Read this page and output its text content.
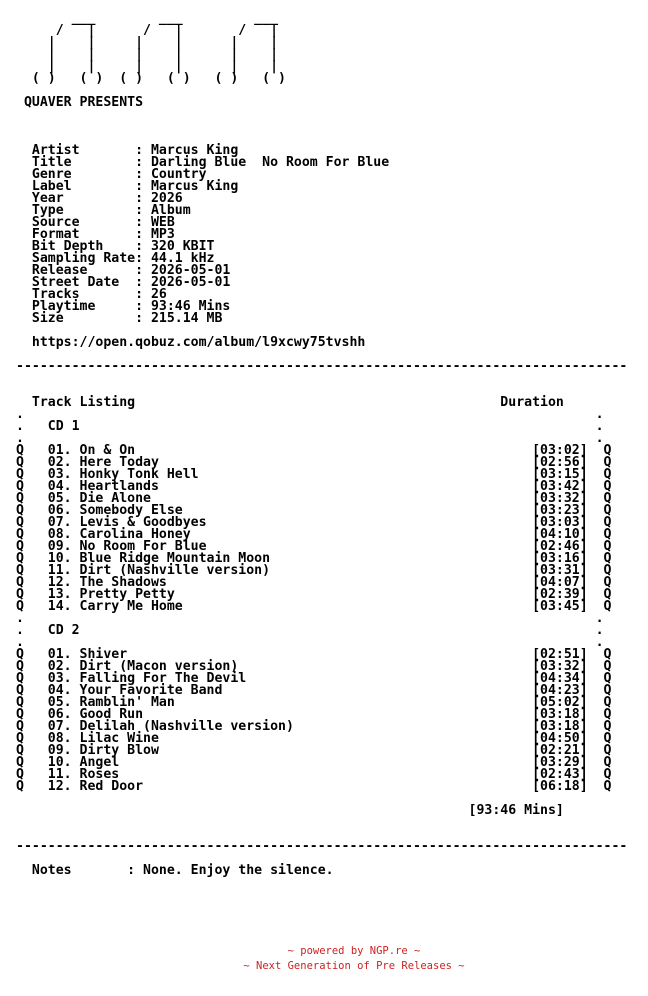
___        ___         ___
/   |      /   |       /   |
|    |     |    |      |    |
|    |     |    |      |    |
|    |     |    |      |    |
( )   ( )  ( )   ( )   ( )   ( )

QUAVER PRESENTS

Artist       : Marcus King
Title        : Darling Blue  No Room For Blue
Genre        : Country
Label        : Marcus King
Year         : 2026
Type         : Album
Source       : WEB
Format       : MP3
Bit Depth    : 320 KBIT
Sampling Rate: 44.1 kHz
Release      : 2026-05-01
Street Date  : 2026-05-01
Tracks       : 26
Playtime     : 93:46 Mins
Size         : 215.14 MB

https://open.qobuz.com/album/l9xcwy75tvshh

-----------------------------------------------------------------------------

Track Listing                                              Duration
.                                                                        .
.   CD 1                                                                 .
.                                                                        .
Q   01. On & On                                                  [03:02]  Q
Q   02. Here Today                                               [02:56]  Q
Q   03. Honky Tonk Hell                                          [03:15]  Q
Q   04. Heartlands                                               [03:42]  Q
Q   05. Die Alone                                                [03:32]  Q
Q   06. Somebody Else                                            [03:23]  Q
Q   07. Levis & Goodbyes                                         [03:03]  Q
Q   08. Carolina Honey                                           [04:10]  Q
Q   09. No Room For Blue                                         [02:46]  Q
Q   10. Blue Ridge Mountain Moon                                 [03:16]  Q
Q   11. Dirt (Nashville version)                                 [03:31]  Q
Q   12. The Shadows                                              [04:07]  Q
Q   13. Pretty Petty                                             [02:39]  Q
Q   14. Carry Me Home                                            [03:45]  Q
.                                                                        .
.   CD 2                                                                 .
.                                                                        .
Q   01. Shiver                                                   [02:51]  Q
Q   02. Dirt (Macon version)                                     [03:32]  Q
Q   03. Falling For The Devil                                    [04:34]  Q
Q   04. Your Favorite Band                                       [04:23]  Q
Q   05. Ramblin' Man                                             [05:02]  Q
Q   06. Good Run                                                 [03:18]  Q
Q   07. Delilah (Nashville version)                              [03:18]  Q
Q   08. Lilac Wine                                               [04:50]  Q
Q   09. Dirty Blow                                               [02:21]  Q
Q   10. Angel                                                    [03:29]  Q
Q   11. Roses                                                    [02:43]  Q
Q   12. Red Door                                                 [06:18]  Q

[93:46 Mins]

-----------------------------------------------------------------------------

Notes       : None. Enjoy the silence.
~ powered by NGP.re ~
~ Next Generation of Pre Releases ~
